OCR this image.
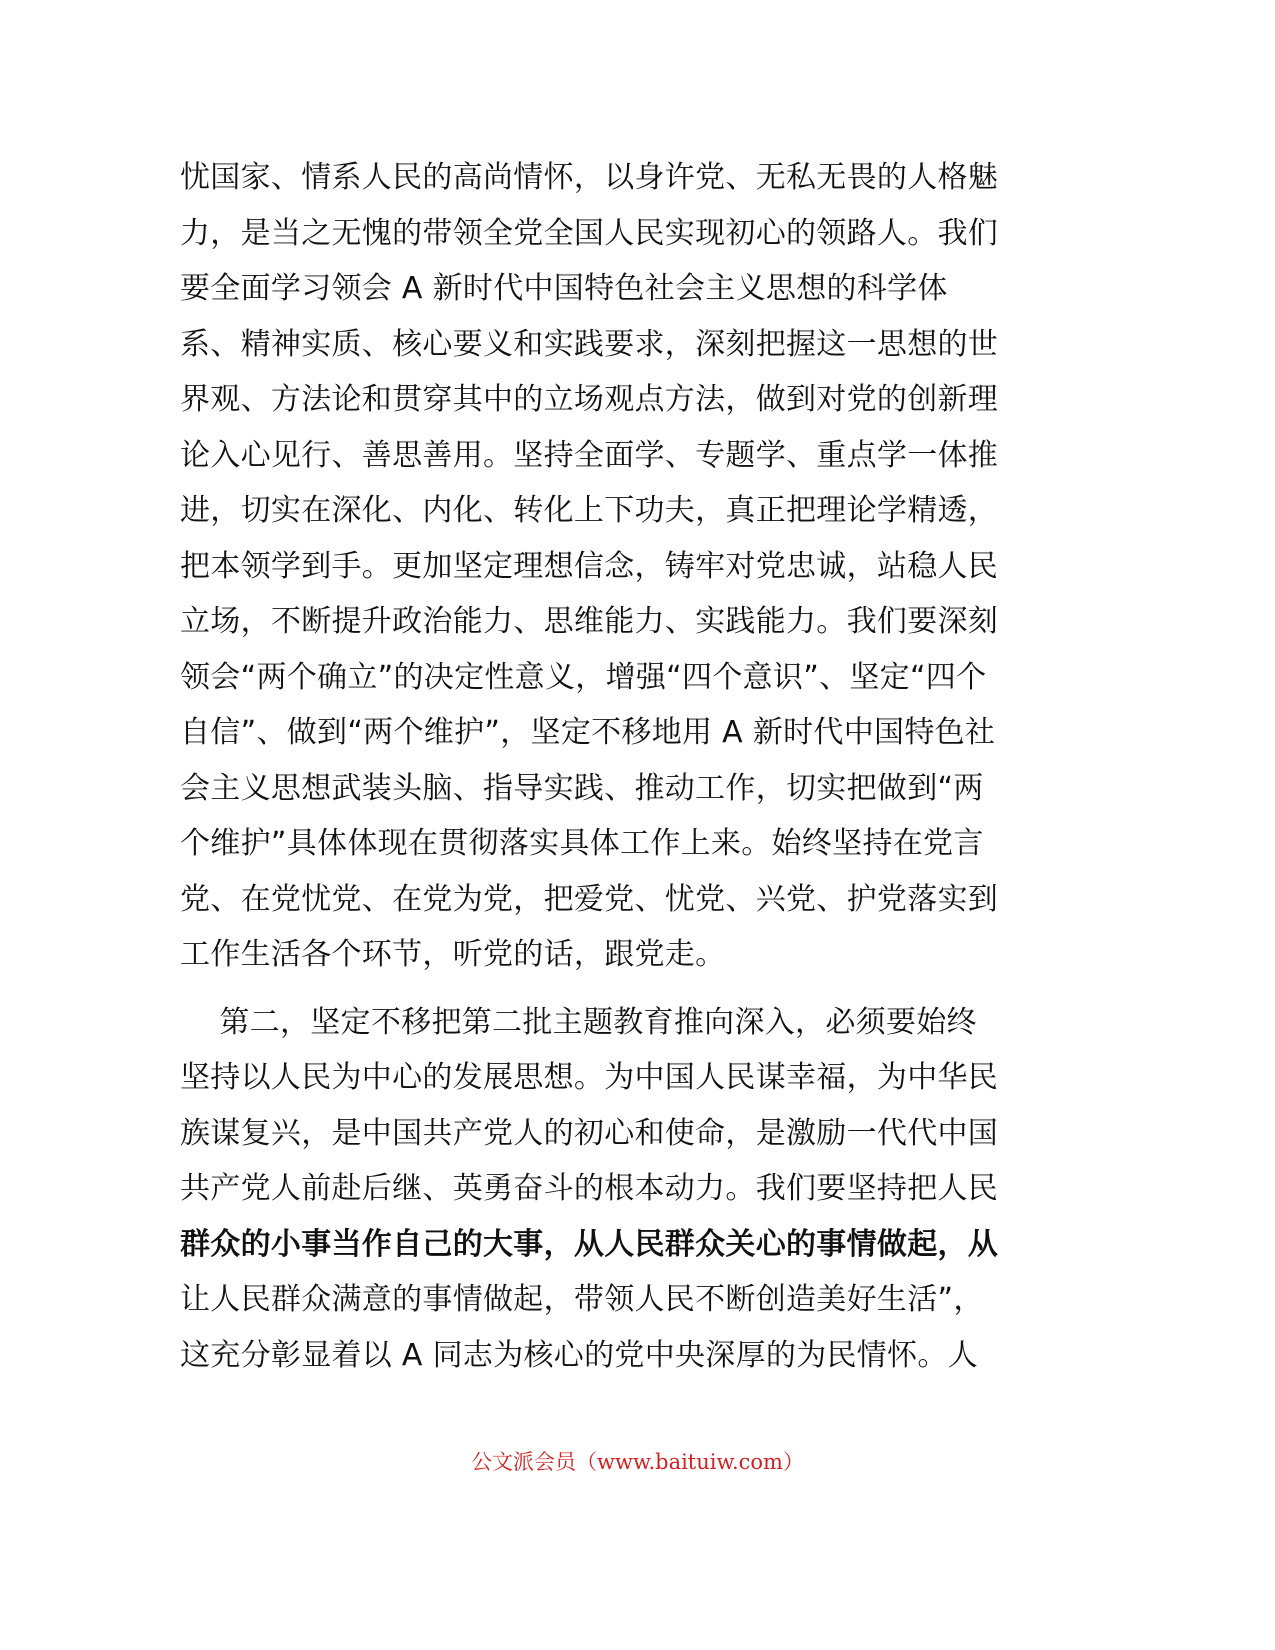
忧国家、情系人民的高尚情怀，以身许党、无私无畏的人格魅
力，是当之无愧的带领全党全国人民实现初心的领路人。我们
要全面学习领会 A 新时代中国特色社会主义思想的科学体
系、精神实质、核心要义和实践要求，深刻把握这一思想的世
界观、方法论和贯穿其中的立场观点方法，做到对党的创新理
论入心见行、善思善用。坚持全面学、专题学、重点学一体推
进，切实在深化、内化、转化上下功夫，真正把理论学精透，
把本领学到手。更加坚定理想信念，铸牢对党忠诚，站稳人民
立场，不断提升政治能力、思维能力、实践能力。我们要深刻
领会“两个确立”的决定性意义，增强“四个意识”、坚定“四个
自信”、做到“两个维护”，坚定不移地用 A 新时代中国特色社
会主义思想武装头脑、指导实践、推动工作，切实把做到“两
个维护”具体体现在贯彻落实具体工作上来。始终坚持在党言
党、在党忧党、在党为党，把爱党、忧党、兴党、护党落实到
工作生活各个环节，听党的话，跟党走。
第二，坚定不移把第二批主题教育推向深入，必须要始终
坚持以人民为中心的发展思想。为中国人民谋幸福，为中华民
族谋复兴，是中国共产党人的初心和使命，是激励一代代中国
共产党人前赴后继、英勇奋斗的根本动力。我们要坚持把人民
群众的小事当作自己的大事，从人民群众关心的事情做起，从
让人民群众满意的事情做起，带领人民不断创造美好生活”，
这充分彰显着以 A 同志为核心的党中央深厚的为民情怀。人
公文派会员（www.baituiw.com）
